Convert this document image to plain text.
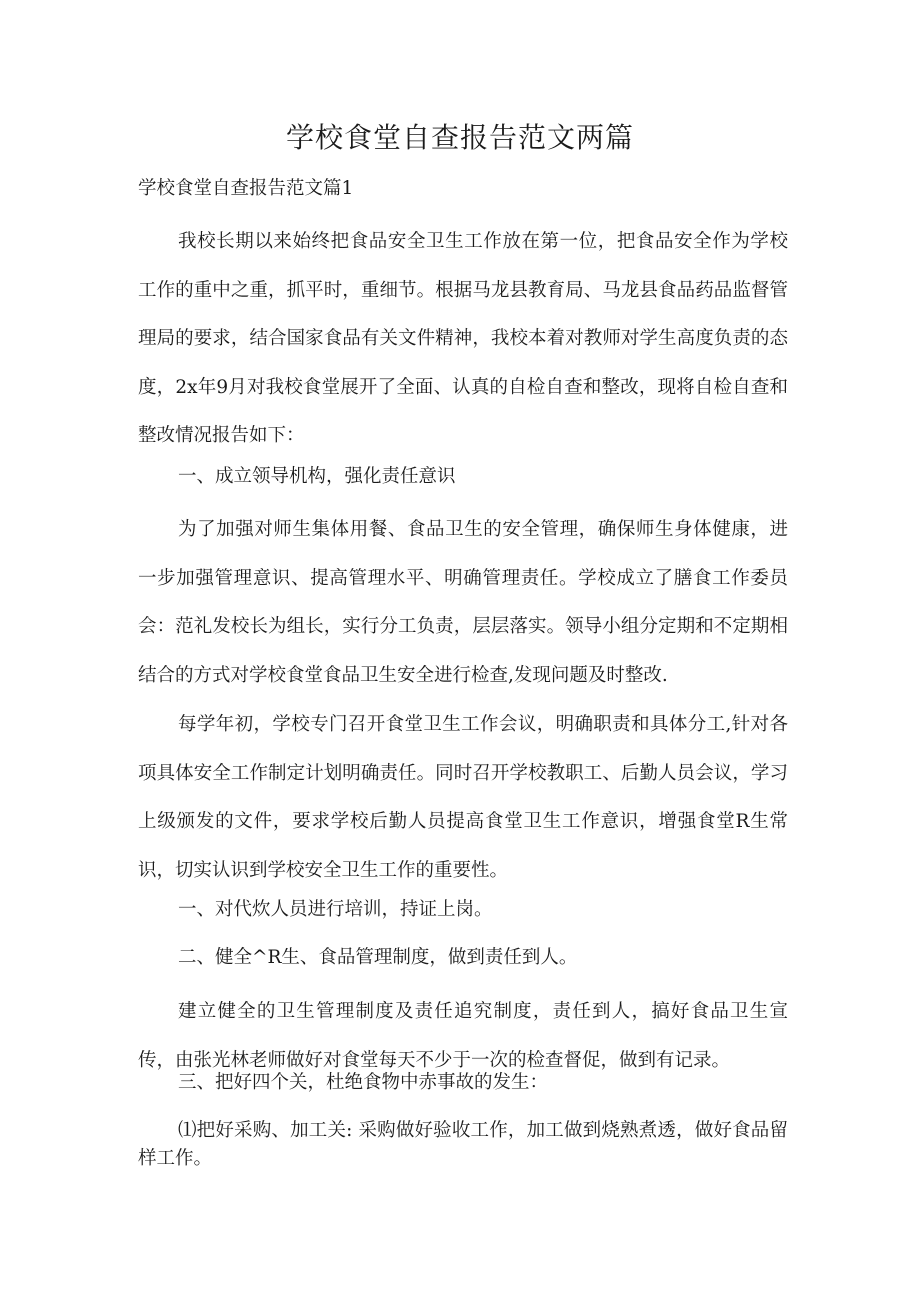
学校食堂自查报告范文两篇
学校食堂自查报告范文篇1
我校长期以来始终把食品安全卫生工作放在第一位，把食品安全作为学校工作的重中之重，抓平时，重细节。根据马龙县教育局、马龙县食品药品监督管理局的要求，结合国家食品有关文件精神，我校本着对教师对学生高度负责的态度，2x年9月对我校食堂展开了全面、认真的自检自查和整改，现将自检自查和整改情况报告如下：
一、成立领导机构，强化责任意识
为了加强对师生集体用餐、食品卫生的安全管理，确保师生身体健康，进一步加强管理意识、提高管理水平、明确管理责任。学校成立了膳食工作委员会：范礼发校长为组长，实行分工负责，层层落实。领导小组分定期和不定期相结合的方式对学校食堂食品卫生安全进行检查,发现问题及时整改.
每学年初，学校专门召开食堂卫生工作会议，明确职责和具体分工,针对各项具体安全工作制定计划明确责任。同时召开学校教职工、后勤人员会议，学习上级颁发的文件，要求学校后勤人员提高食堂卫生工作意识，增强食堂R生常识，切实认识到学校安全卫生工作的重要性。
一、对代炊人员进行培训，持证上岗。
二、健全^R生、食品管理制度，做到责任到人。
建立健全的卫生管理制度及责任追究制度，责任到人，搞好食品卫生宣传，由张光林老师做好对食堂每天不少于一次的检查督促，做到有记录。
三、把好四个关，杜绝食物中赤事故的发生：
⑴把好采购、加工关: 采购做好验收工作，加工做到烧熟煮透，做好食品留样工作。
